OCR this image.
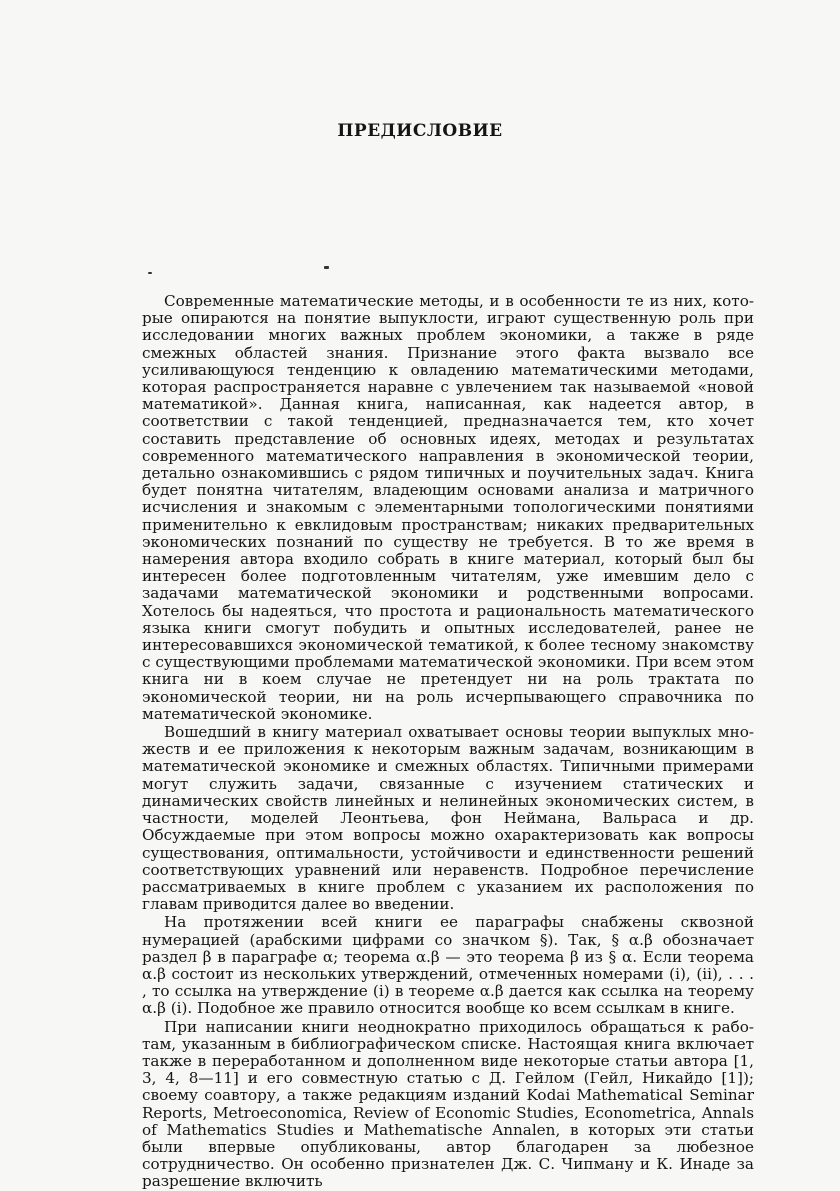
ПРЕДИСЛОВИЕ

Современные математические методы, и в особенности те из них, которые опираются на понятие выпуклости, играют существенную роль при исследовании многих важных проблем экономики, а также в ряде смежных областей знания. Признание этого факта вызвало все усиливающуюся тенденцию к овладению математическими методами, которая распространяется наравне с увлечением так называемой «новой математикой». Данная книга, написанная, как надеется автор, в соответствии с такой тенденцией, предназначается тем, кто хочет составить представление об основных идеях, методах и результатах современного математического направления в экономической теории, детально ознакомившись с рядом типичных и поучительных задач. Книга будет понятна читателям, владеющим основами анализа и матричного исчисления и знакомым с элементарными топологическими понятиями применительно к евклидовым пространствам; никаких предварительных экономических познаний по существу не требуется. В то же время в намерения автора входило собрать в книге материал, который был бы интересен более подготовленным читателям, уже имевшим дело с задачами математической экономики и родственными вопросами. Хотелось бы надеяться, что простота и рациональность математического языка книги смогут побудить и опытных исследователей, ранее не интересовавшихся экономической тематикой, к более тесному знакомству с существующими проблемами математической экономики. При всем этом книга ни в коем случае не претендует ни на роль трактата по экономической теории, ни на роль исчерпывающего справочника по математической экономике.

Вошедший в книгу материал охватывает основы теории выпуклых множеств и ее приложения к некоторым важным задачам, возникающим в математической экономике и смежных областях. Типичными примерами могут служить задачи, связанные с изучением статических и динамических свойств линейных и нелинейных экономических систем, в частности, моделей Леонтьева, фон Неймана, Вальраса и др. Обсуждаемые при этом вопросы можно охарактеризовать как вопросы существования, оптимальности, устойчивости и единственности решений соответствующих уравнений или неравенств. Подробное перечисление рассматриваемых в книге проблем с указанием их расположения по главам приводится далее во введении.

На протяжении всей книги ее параграфы снабжены сквозной нумерацией (арабскими цифрами со значком §). Так, § α.β обозначает раздел β в параграфе α; теорема α.β — это теорема β из § α. Если теорема α.β состоит из нескольких утверждений, отмеченных номерами (i), (ii), . . . , то ссылка на утверждение (i) в теореме α.β дается как ссылка на теорему α.β (i). Подобное же правило относится вообще ко всем ссылкам в книге.

При написании книги неоднократно приходилось обращаться к работам, указанным в библиографическом списке. Настоящая книга включает также в переработанном и дополненном виде некоторые статьи автора [1, 3, 4, 8—11] и его совместную статью с Д. Гейлом (Гейл, Никайдо [1]); своему соавтору, а также редакциям изданий Kodai Mathematical Seminar Reports, Metroeconomica, Review of Economic Studies, Econometrica, Annals of Mathematics Studies и Mathematische Annalen, в которых эти статьи были впервые опубликованы, автор благодарен за любезное сотрудничество. Он особенно признателен Дж. С. Чипману и К. Инаде за разрешение включить
